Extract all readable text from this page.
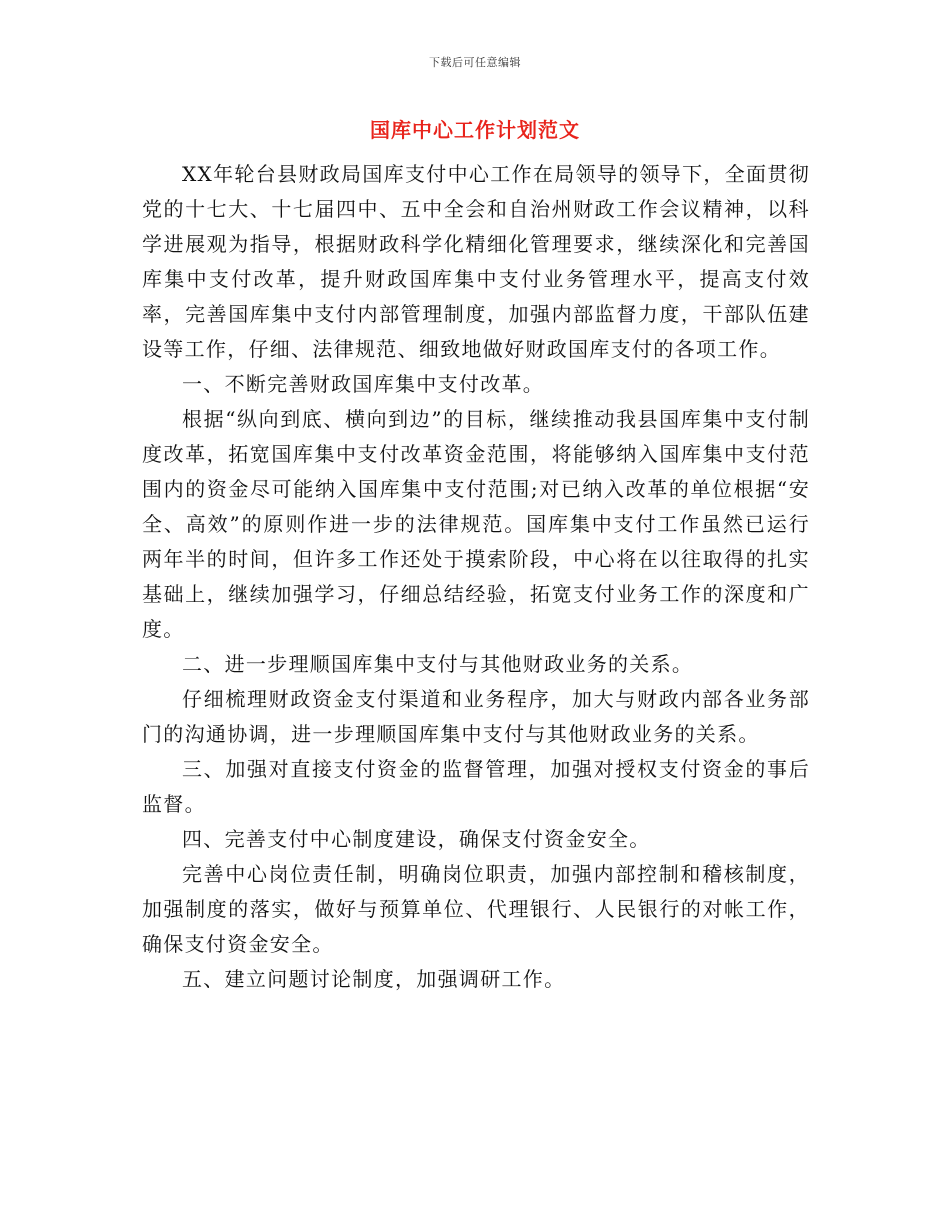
下载后可任意编辑
国库中心工作计划范文

XX年轮台县财政局国库支付中心工作在局领导的领导下，全面贯彻党的十七大、十七届四中、五中全会和自治州财政工作会议精神，以科学进展观为指导，根据财政科学化精细化管理要求，继续深化和完善国库集中支付改革，提升财政国库集中支付业务管理水平，提高支付效率，完善国库集中支付内部管理制度，加强内部监督力度，干部队伍建设等工作，仔细、法律规范、细致地做好财政国库支付的各项工作。

一、不断完善财政国库集中支付改革。

根据“纵向到底、横向到边”的目标，继续推动我县国库集中支付制度改革，拓宽国库集中支付改革资金范围，将能够纳入国库集中支付范围内的资金尽可能纳入国库集中支付范围;对已纳入改革的单位根据“安全、高效”的原则作进一步的法律规范。国库集中支付工作虽然已运行两年半的时间，但许多工作还处于摸索阶段，中心将在以往取得的扎实基础上，继续加强学习，仔细总结经验，拓宽支付业务工作的深度和广度。

二、进一步理顺国库集中支付与其他财政业务的关系。

仔细梳理财政资金支付渠道和业务程序，加大与财政内部各业务部门的沟通协调，进一步理顺国库集中支付与其他财政业务的关系。

三、加强对直接支付资金的监督管理，加强对授权支付资金的事后监督。

四、完善支付中心制度建设，确保支付资金安全。

完善中心岗位责任制，明确岗位职责，加强内部控制和稽核制度，加强制度的落实，做好与预算单位、代理银行、人民银行的对帐工作，确保支付资金安全。

五、建立问题讨论制度，加强调研工作。
